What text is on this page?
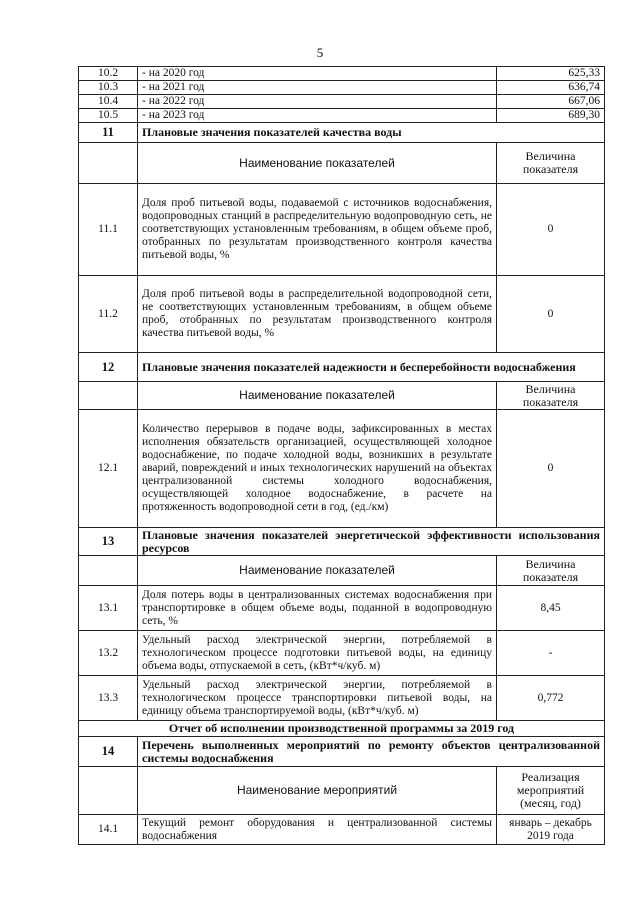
5
10.2	- на 2020 год	625,33
10.3	- на 2021 год	636,74
10.4	- на 2022 год	667,06
10.5	- на 2023 год	689,30
11	Плановые значения показателей качества воды	
	Наименование показателей	Величина показателя
11.1	Доля проб питьевой воды, подаваемой с источников водоснабжения, водопроводных станций в распределительную водопроводную сеть, не соответствующих установленным требованиям, в общем объеме проб, отобранных по результатам производственного контроля качества питьевой воды, %	0
11.2	Доля проб питьевой воды в распределительной водопроводной сети, не соответствующих установленным требованиям, в общем объеме проб, отобранных по результатам производственного контроля качества питьевой воды, %	0
12	Плановые значения показателей надежности и бесперебойности водоснабжения	
	Наименование показателей	Величина показателя
12.1	Количество перерывов в подаче воды, зафиксированных в местах исполнения обязательств организацией, осуществляющей холодное водоснабжение, по подаче холодной воды, возникших в результате аварий, повреждений и иных технологических нарушений на объектах централизованной системы холодного водоснабжения, осуществляющей холодное водоснабжение, в расчете на протяженность водопроводной сети в год, (ед./км)	0
13	Плановые значения показателей энергетической эффективности использования ресурсов	
	Наименование показателей	Величина показателя
13.1	Доля потерь воды в централизованных системах водоснабжения при транспортировке в общем объеме воды, поданной в водопроводную сеть, %	8,45
13.2	Удельный расход электрической энергии, потребляемой в технологическом процессе подготовки питьевой воды, на единицу объема воды, отпускаемой в сеть, (кВт*ч/куб. м)	-
13.3	Удельный расход электрической энергии, потребляемой в технологическом процессе транспортировки питьевой воды, на единицу объема транспортируемой воды, (кВт*ч/куб. м)	0,772
Отчет об исполнении производственной программы за 2019 год		
14	Перечень выполненных мероприятий по ремонту объектов централизованной системы водоснабжения	
	Наименование мероприятий	Реализация мероприятий (месяц, год)
14.1	Текущий ремонт оборудования и централизованной системы водоснабжения	январь – декабрь 2019 года
